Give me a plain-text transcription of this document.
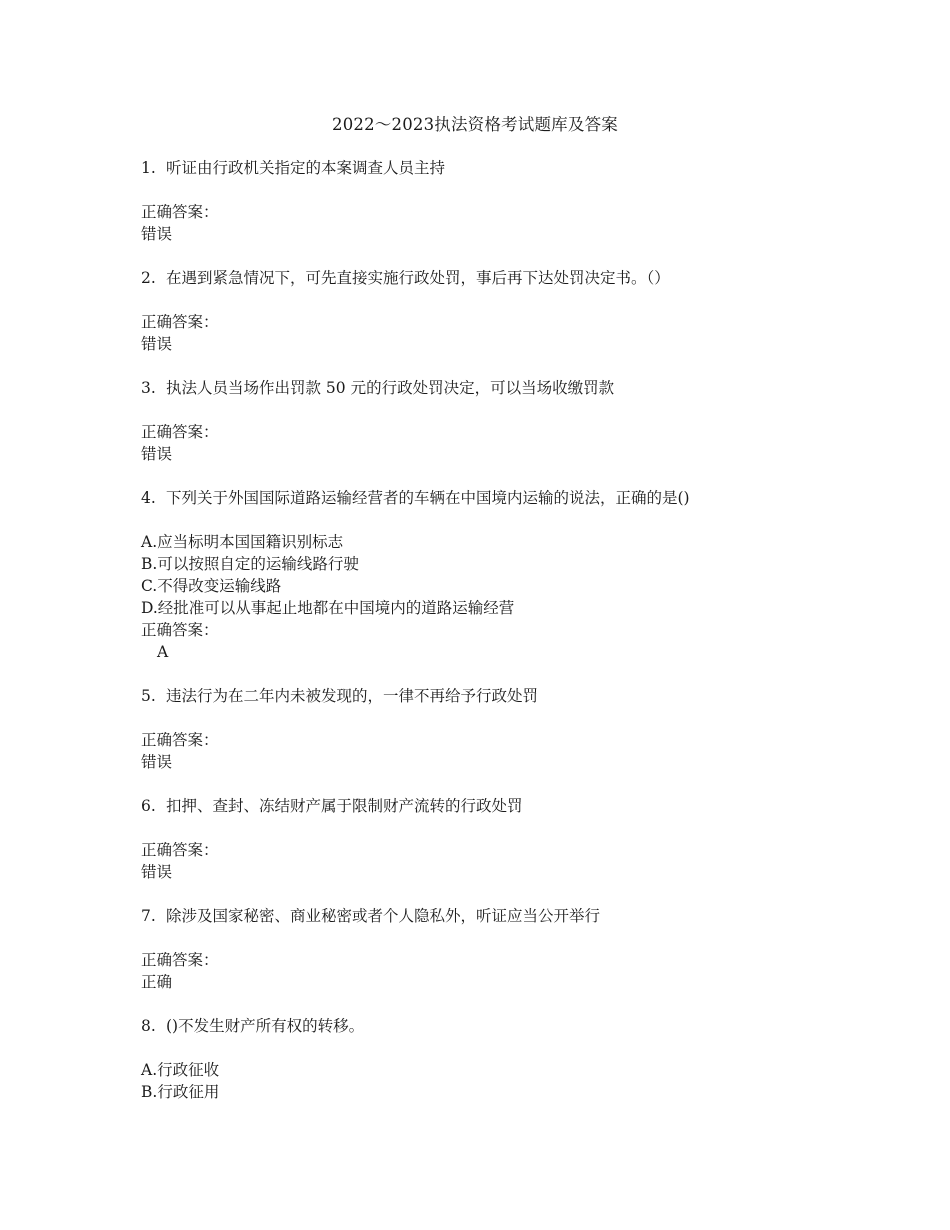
2022～2023执法资格考试题库及答案
1. 听证由行政机关指定的本案调查人员主持
正确答案：
错误
2. 在遇到紧急情况下，可先直接实施行政处罚，事后再下达处罚决定书。（）
正确答案：
错误
3. 执法人员当场作出罚款 50 元的行政处罚决定，可以当场收缴罚款
正确答案：
错误
4. 下列关于外国国际道路运输经营者的车辆在中国境内运输的说法，正确的是()
A.应当标明本国国籍识别标志
B.可以按照自定的运输线路行驶
C.不得改变运输线路
D.经批准可以从事起止地都在中国境内的道路运输经营
正确答案：
A
5. 违法行为在二年内未被发现的，一律不再给予行政处罚
正确答案：
错误
6. 扣押、查封、冻结财产属于限制财产流转的行政处罚
正确答案：
错误
7. 除涉及国家秘密、商业秘密或者个人隐私外，听证应当公开举行
正确答案：
正确
8. ()不发生财产所有权的转移。
A.行政征收
B.行政征用
